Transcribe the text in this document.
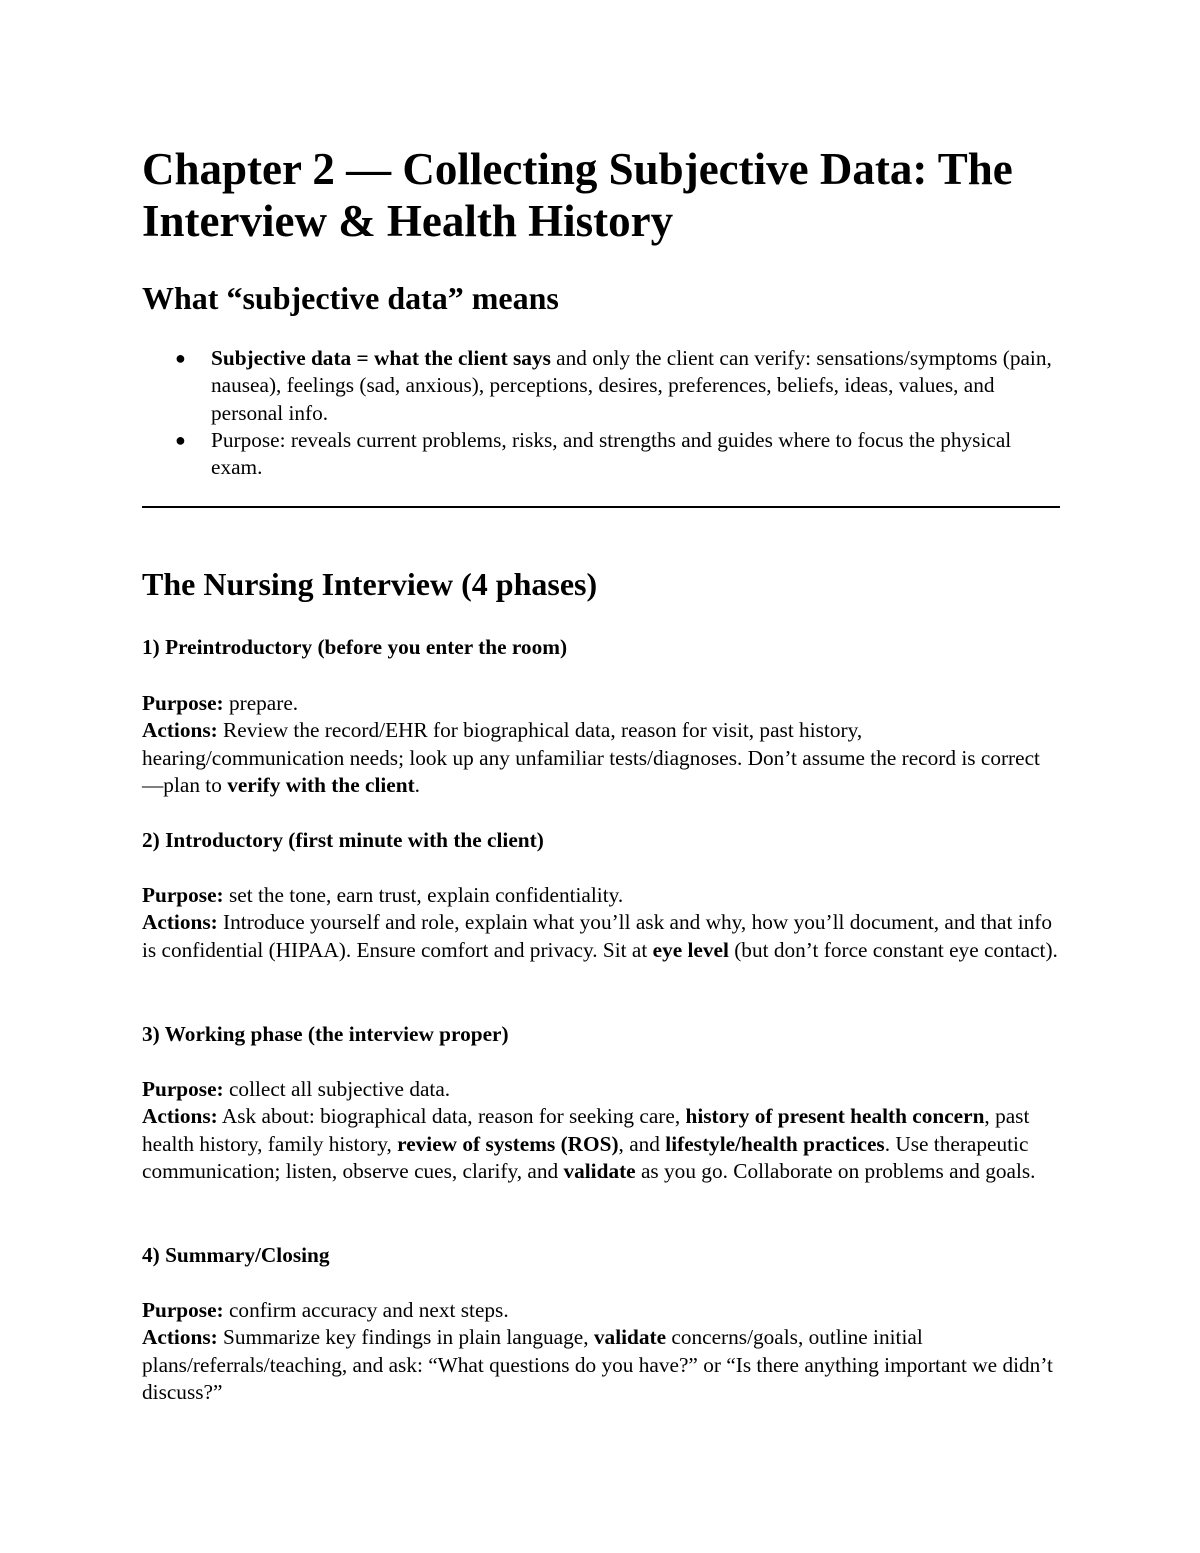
Chapter 2 — Collecting Subjective Data: The Interview & Health History
What “subjective data” means
● Subjective data = what the client says and only the client can verify: sensations/symptoms (pain, nausea), feelings (sad, anxious), perceptions, desires, preferences, beliefs, ideas, values, and personal info.
● Purpose: reveals current problems, risks, and strengths and guides where to focus the physical exam.
The Nursing Interview (4 phases)
1) Preintroductory (before you enter the room)
Purpose: prepare.
Actions: Review the record/EHR for biographical data, reason for visit, past history, hearing/communication needs; look up any unfamiliar tests/diagnoses. Don’t assume the record is correct—plan to verify with the client.
2) Introductory (first minute with the client)
Purpose: set the tone, earn trust, explain confidentiality.
Actions: Introduce yourself and role, explain what you’ll ask and why, how you’ll document, and that info is confidential (HIPAA). Ensure comfort and privacy. Sit at eye level (but don’t force constant eye contact).
3) Working phase (the interview proper)
Purpose: collect all subjective data.
Actions: Ask about: biographical data, reason for seeking care, history of present health concern, past health history, family history, review of systems (ROS), and lifestyle/health practices. Use therapeutic communication; listen, observe cues, clarify, and validate as you go. Collaborate on problems and goals.
4) Summary/Closing
Purpose: confirm accuracy and next steps.
Actions: Summarize key findings in plain language, validate concerns/goals, outline initial plans/referrals/teaching, and ask: “What questions do you have?” or “Is there anything important we didn’t discuss?”
